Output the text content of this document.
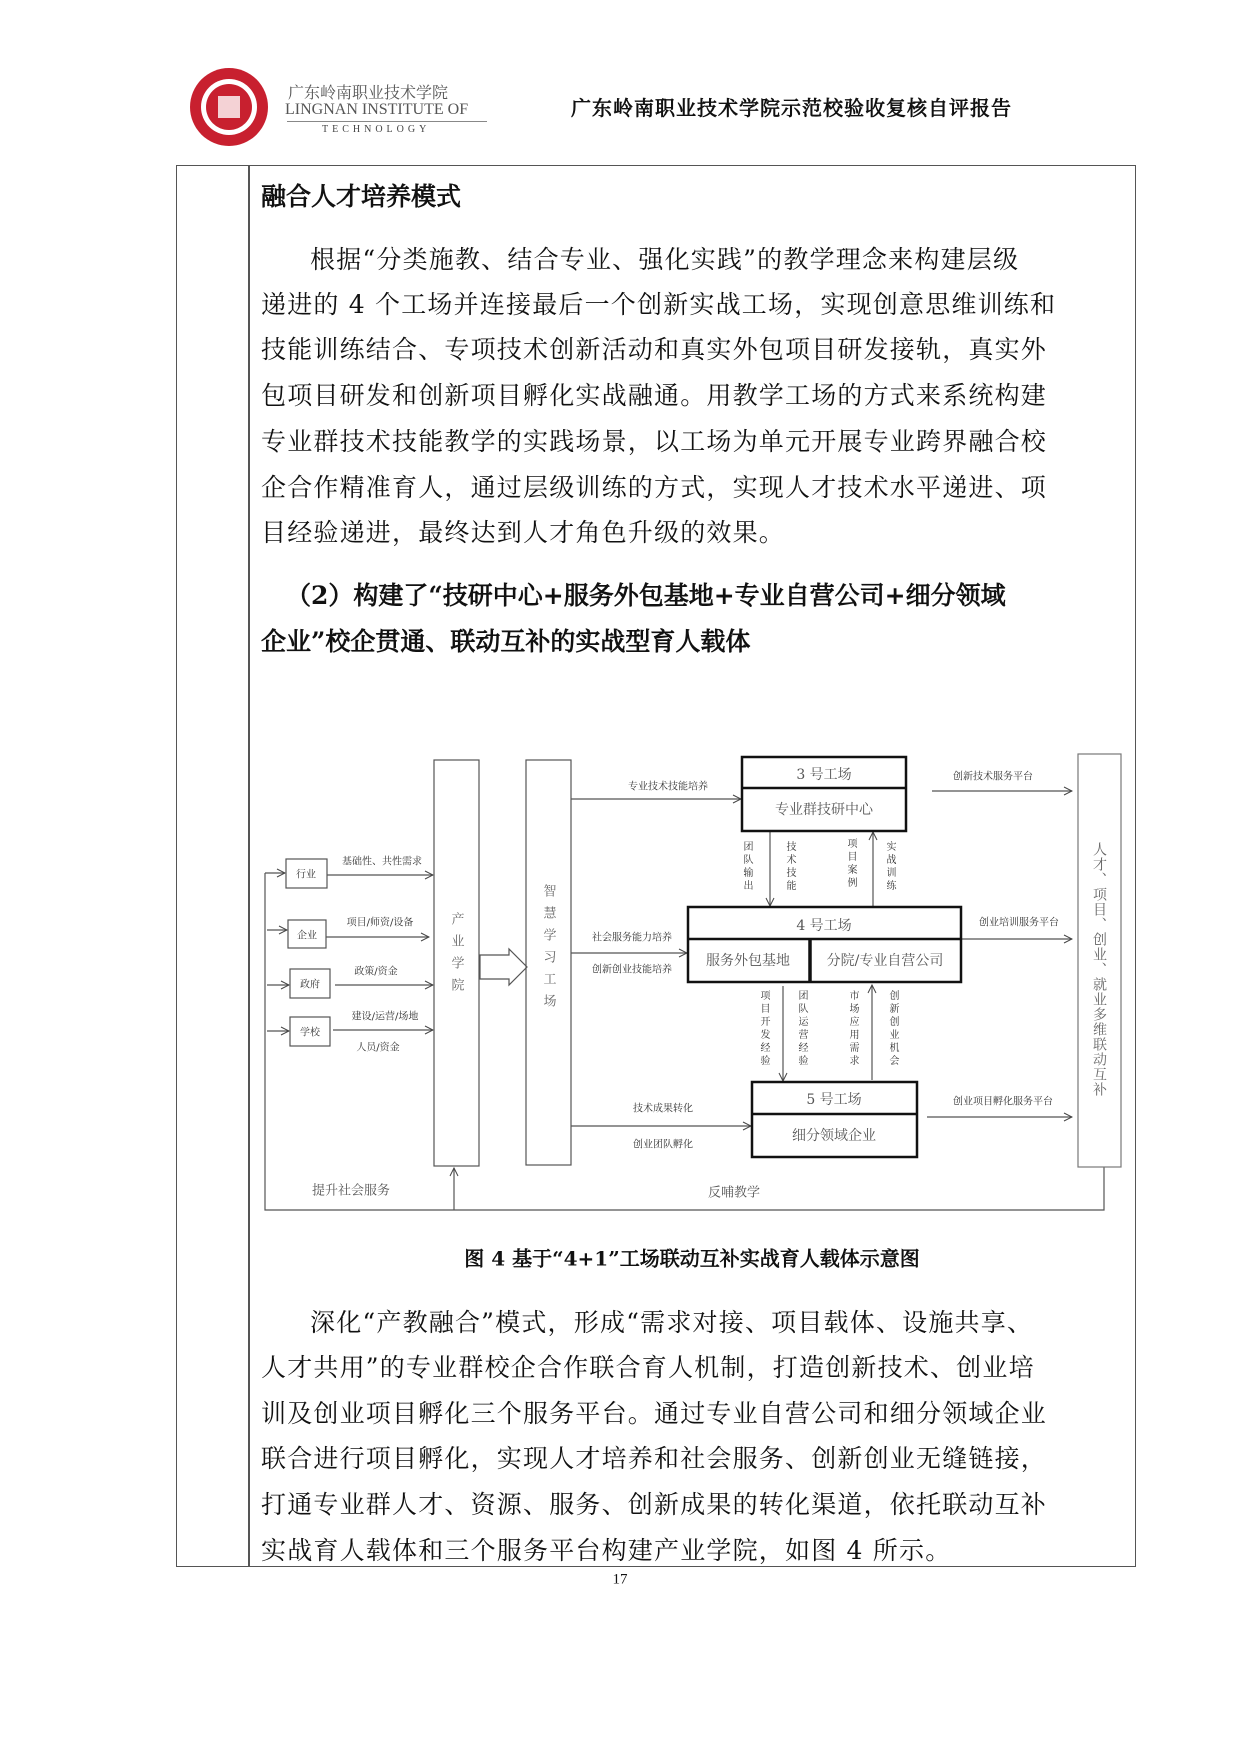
广东岭南职业技术学院
LINGNAN INSTITUTE OF
TECHNOLOGY
广东岭南职业技术学院示范校验收复核自评报告
融合人才培养模式
根据“分类施教、结合专业、强化实践”的教学理念来构建层级
递进的 4 个工场并连接最后一个创新实战工场，实现创意思维训练和
技能训练结合、专项技术创新活动和真实外包项目研发接轨，真实外
包项目研发和创新项目孵化实战融通。用教学工场的方式来系统构建
专业群技术技能教学的实践场景，以工场为单元开展专业跨界融合校
企合作精准育人，通过层级训练的方式，实现人才技术水平递进、项
目经验递进，最终达到人才角色升级的效果。
（2）构建了“技研中心+服务外包基地+专业自营公司+细分领域
企业”校企贯通、联动互补的实战型育人载体
行业
企业
政府
学校
基础性、共性需求
项目/师资/设备
政策/资金
建设/运营/场地
人员/资金
产业学院	智慧学习工场
专业技术技能培养
3 号工场
专业群技研中心
创新技术服务平台
社会服务能力培养
创新创业技能培养
4 号工场
服务外包基地	分院/专业自营公司
创业培训服务平台
技术成果转化
创业团队孵化
5 号工场
细分领域企业
创业项目孵化服务平台
团队输出	技术技能	项目案例	实战训练
项目开发经验	团队运营经验	市场应用需求	创新创业机会	人才、项目、创业、就业多维联动互补
提升社会服务	反哺教学
图 4 基于“4+1”工场联动互补实战育人载体示意图
深化“产教融合”模式，形成“需求对接、项目载体、设施共享、
人才共用”的专业群校企合作联合育人机制，打造创新技术、创业培
训及创业项目孵化三个服务平台。通过专业自营公司和细分领域企业
联合进行项目孵化，实现人才培养和社会服务、创新创业无缝链接，
打通专业群人才、资源、服务、创新成果的转化渠道，依托联动互补
实战育人载体和三个服务平台构建产业学院，如图 4 所示。
17
